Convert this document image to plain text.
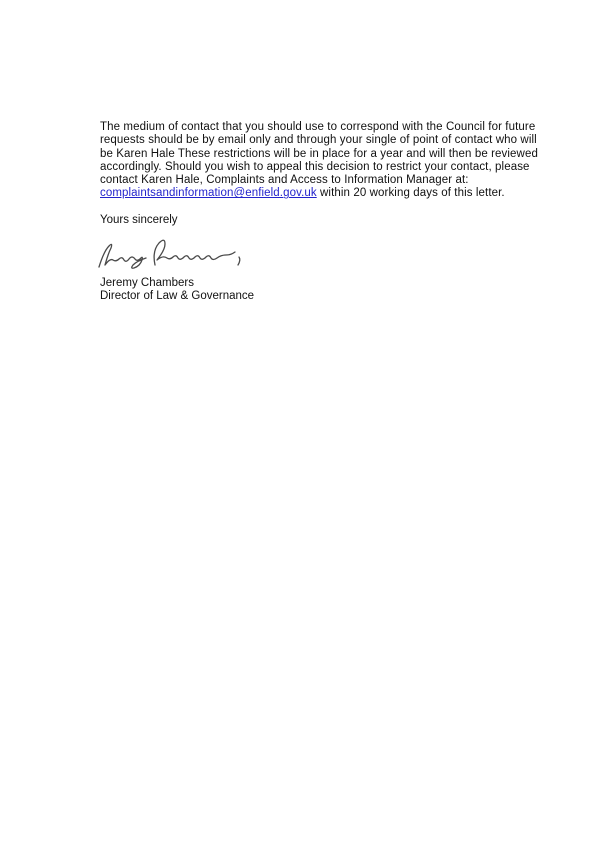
The medium of contact that you should use to correspond with the Council for future
requests should be by email only and through your single of point of contact who will
be Karen Hale These restrictions will be in place for a year and will then be reviewed
accordingly. Should you wish to appeal this decision to restrict your contact, please
contact Karen Hale, Complaints and Access to Information Manager at:
complaintsandinformation@enfield.gov.uk within 20 working days of this letter.
Yours sincerely
Jeremy Chambers
Director of Law & Governance
